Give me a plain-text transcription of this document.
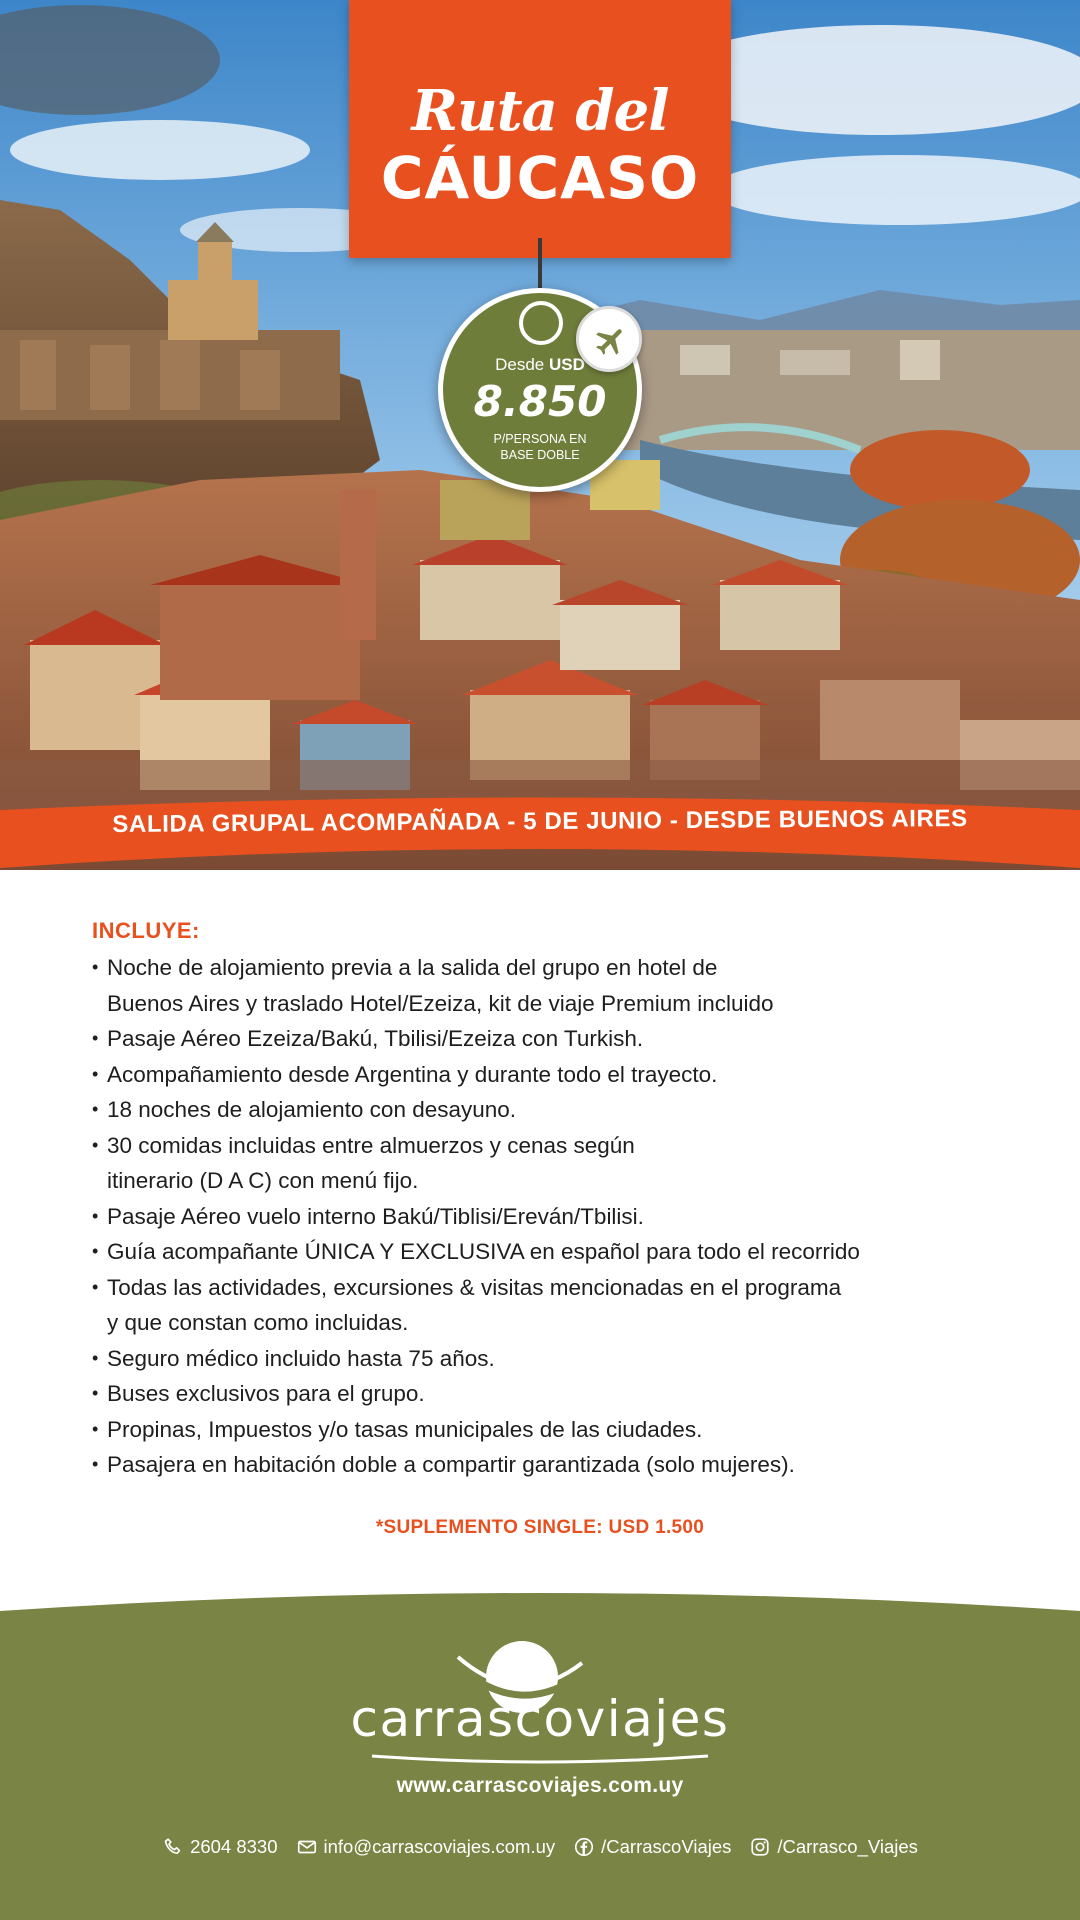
Ruta del
CÁUCASO
Desde USD
8.850
P/PERSONA EN
BASE DOBLE
SALIDA GRUPAL ACOMPAÑADA - 5 DE JUNIO - DESDE BUENOS AIRES
INCLUYE:
• Noche de alojamiento previa a la salida del grupo en hotel de
Buenos Aires y traslado Hotel/Ezeiza, kit de viaje Premium incluido
• Pasaje Aéreo Ezeiza/Bakú, Tbilisi/Ezeiza con Turkish.
• Acompañamiento desde Argentina y durante todo el trayecto.
• 18 noches de alojamiento con desayuno.
• 30 comidas incluidas entre almuerzos y cenas según
itinerario (D A C) con menú fijo.
• Pasaje Aéreo vuelo interno Bakú/Tiblisi/Ereván/Tbilisi.
• Guía acompañante ÚNICA Y EXCLUSIVA en español para todo el recorrido
• Todas las actividades, excursiones & visitas mencionadas en el programa
y que constan como incluidas.
• Seguro médico incluido hasta 75 años.
• Buses exclusivos para el grupo.
• Propinas, Impuestos y/o tasas municipales de las ciudades.
• Pasajera en habitación doble a compartir garantizada (solo mujeres).
*SUPLEMENTO SINGLE: USD 1.500
carrascoviajes
www.carrascoviajes.com.uy
2604 8330 info@carrascoviajes.com.uy /CarrascoViajes /Carrasco_Viajes
